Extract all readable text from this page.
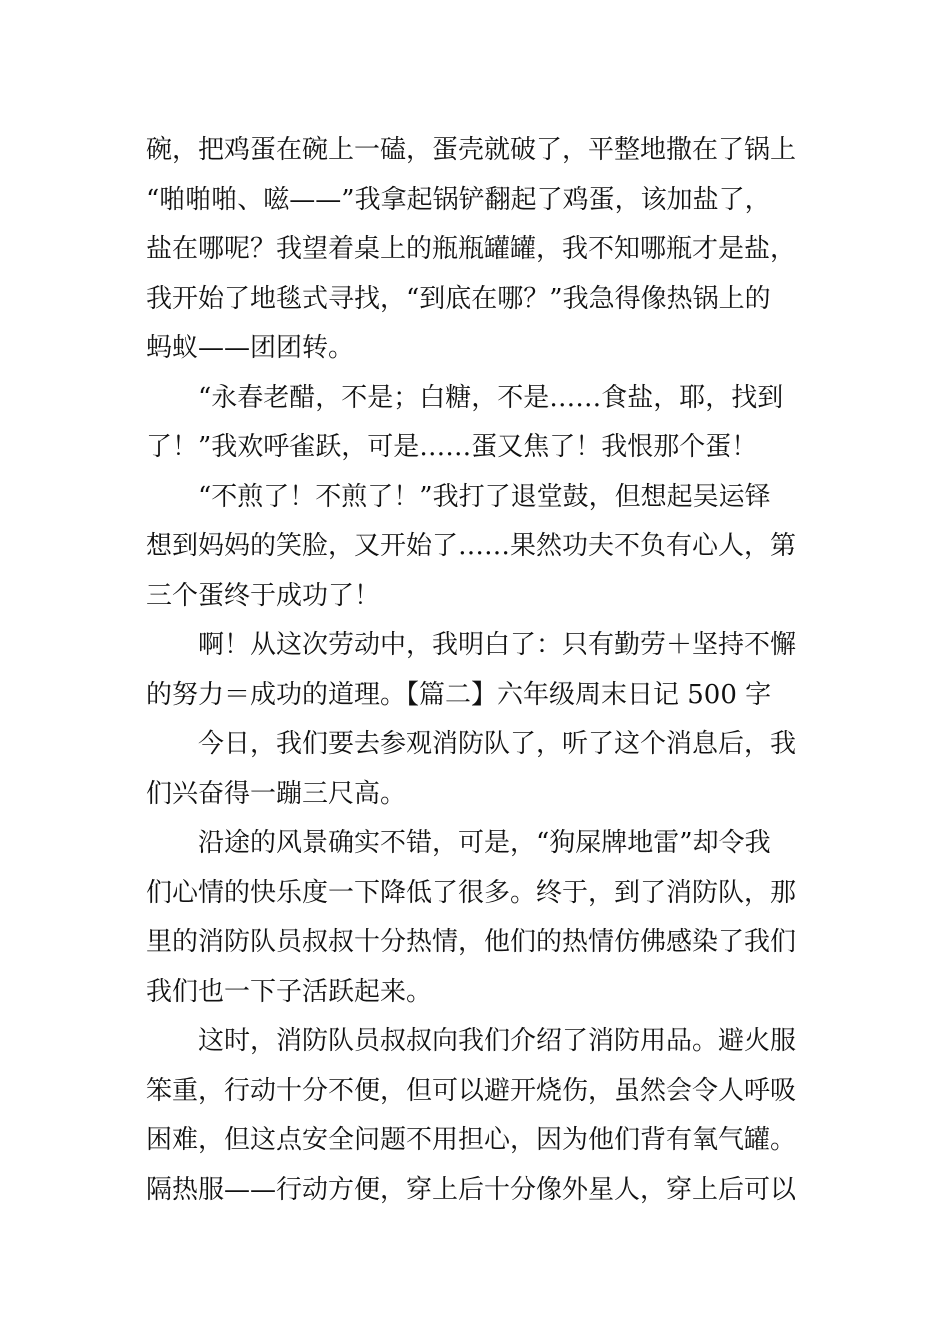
碗，把鸡蛋在碗上一磕，蛋壳就破了，平整地撒在了锅上
“啪啪啪、嗞——”我拿起锅铲翻起了鸡蛋，该加盐了，
盐在哪呢？我望着桌上的瓶瓶罐罐，我不知哪瓶才是盐，
我开始了地毯式寻找，“到底在哪？”我急得像热锅上的
蚂蚁——团团转。
“永春老醋，不是；白糖，不是……食盐，耶，找到
了！”我欢呼雀跃，可是……蛋又焦了！我恨那个蛋！
“不煎了！不煎了！”我打了退堂鼓，但想起吴运铎
想到妈妈的笑脸，又开始了……果然功夫不负有心人，第
三个蛋终于成功了！
啊！从这次劳动中，我明白了：只有勤劳＋坚持不懈
的努力＝成功的道理。【篇二】六年级周末日记 500 字
今日，我们要去参观消防队了，听了这个消息后，我
们兴奋得一蹦三尺高。
沿途的风景确实不错，可是，“狗屎牌地雷”却令我
们心情的快乐度一下降低了很多。终于，到了消防队，那
里的消防队员叔叔十分热情，他们的热情仿佛感染了我们
我们也一下子活跃起来。
这时，消防队员叔叔向我们介绍了消防用品。避火服
笨重，行动十分不便，但可以避开烧伤，虽然会令人呼吸
困难，但这点安全问题不用担心，因为他们背有氧气罐。
隔热服——行动方便，穿上后十分像外星人，穿上后可以
